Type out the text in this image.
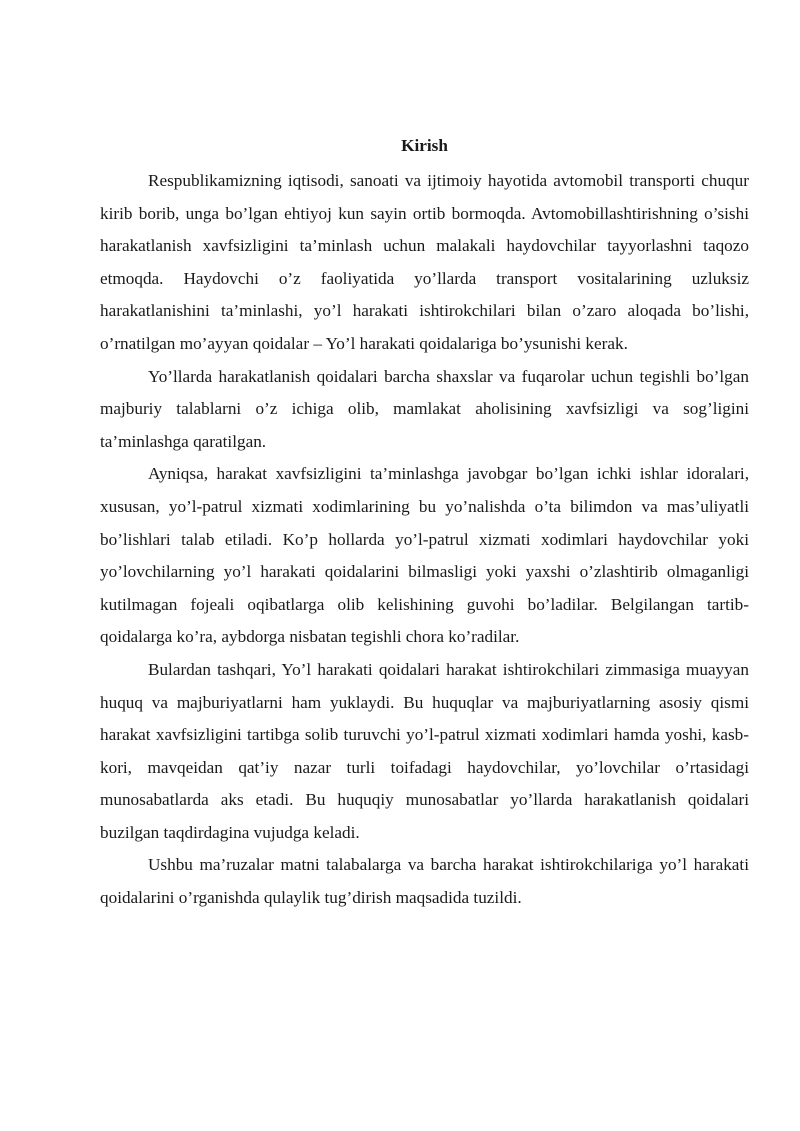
Kirish

Respublikamizning iqtisodi, sanoati va ijtimoiy hayotida avtomobil transporti chuqur kirib borib, unga bo’lgan ehtiyoj kun sayin ortib bormoqda. Avtomobillashtirishning o’sishi harakatlanish xavfsizligini ta’minlash uchun malakali haydovchilar tayyorlashni taqozo etmoqda. Haydovchi o’z faoliyatida yo’llarda transport vositalarining uzluksiz harakatlanishini ta’minlashi, yo’l harakati ishtirokchilari bilan o’zaro aloqada bo’lishi, o’rnatilgan mo’ayyan qoidalar – Yo’l harakati qoidalariga bo’ysunishi kerak.

Yo’llarda harakatlanish qoidalari barcha shaxslar va fuqarolar uchun tegishli bo’lgan majburiy talablarni o’z ichiga olib, mamlakat aholisining xavfsizligi va sog’ligini ta’minlashga qaratilgan.

Ayniqsa, harakat xavfsizligini ta’minlashga javobgar bo’lgan ichki ishlar idoralari, xususan, yo’l-patrul xizmati xodimlarining bu yo’nalishda o’ta bilimdon va mas’uliyatli bo’lishlari talab etiladi. Ko’p hollarda yo’l-patrul xizmati xodimlari haydovchilar yoki yo’lovchilarning yo’l harakati qoidalarini bilmasligi yoki yaxshi o’zlashtirib olmaganligi kutilmagan fojeali oqibatlarga olib kelishining guvohi bo’ladilar. Belgilangan tartib-qoidalarga ko’ra, aybdorga nisbatan tegishli chora ko’radilar.

Bulardan tashqari, Yo’l harakati qoidalari harakat ishtirokchilari zimmasiga muayyan huquq va majburiyatlarni ham yuklaydi. Bu huquqlar va majburiyatlarning asosiy qismi harakat xavfsizligini tartibga solib turuvchi yo’l-patrul xizmati xodimlari hamda yoshi, kasb-kori, mavqeidan qat’iy nazar turli toifadagi haydovchilar, yo’lovchilar o’rtasidagi munosabatlarda aks etadi. Bu huquqiy munosabatlar yo’llarda harakatlanish qoidalari buzilgan taqdirdagina vujudga keladi.

Ushbu ma’ruzalar matni talabalarga va barcha harakat ishtirokchilariga yo’l harakati qoidalarini o’rganishda qulaylik tug’dirish maqsadida tuzildi.
